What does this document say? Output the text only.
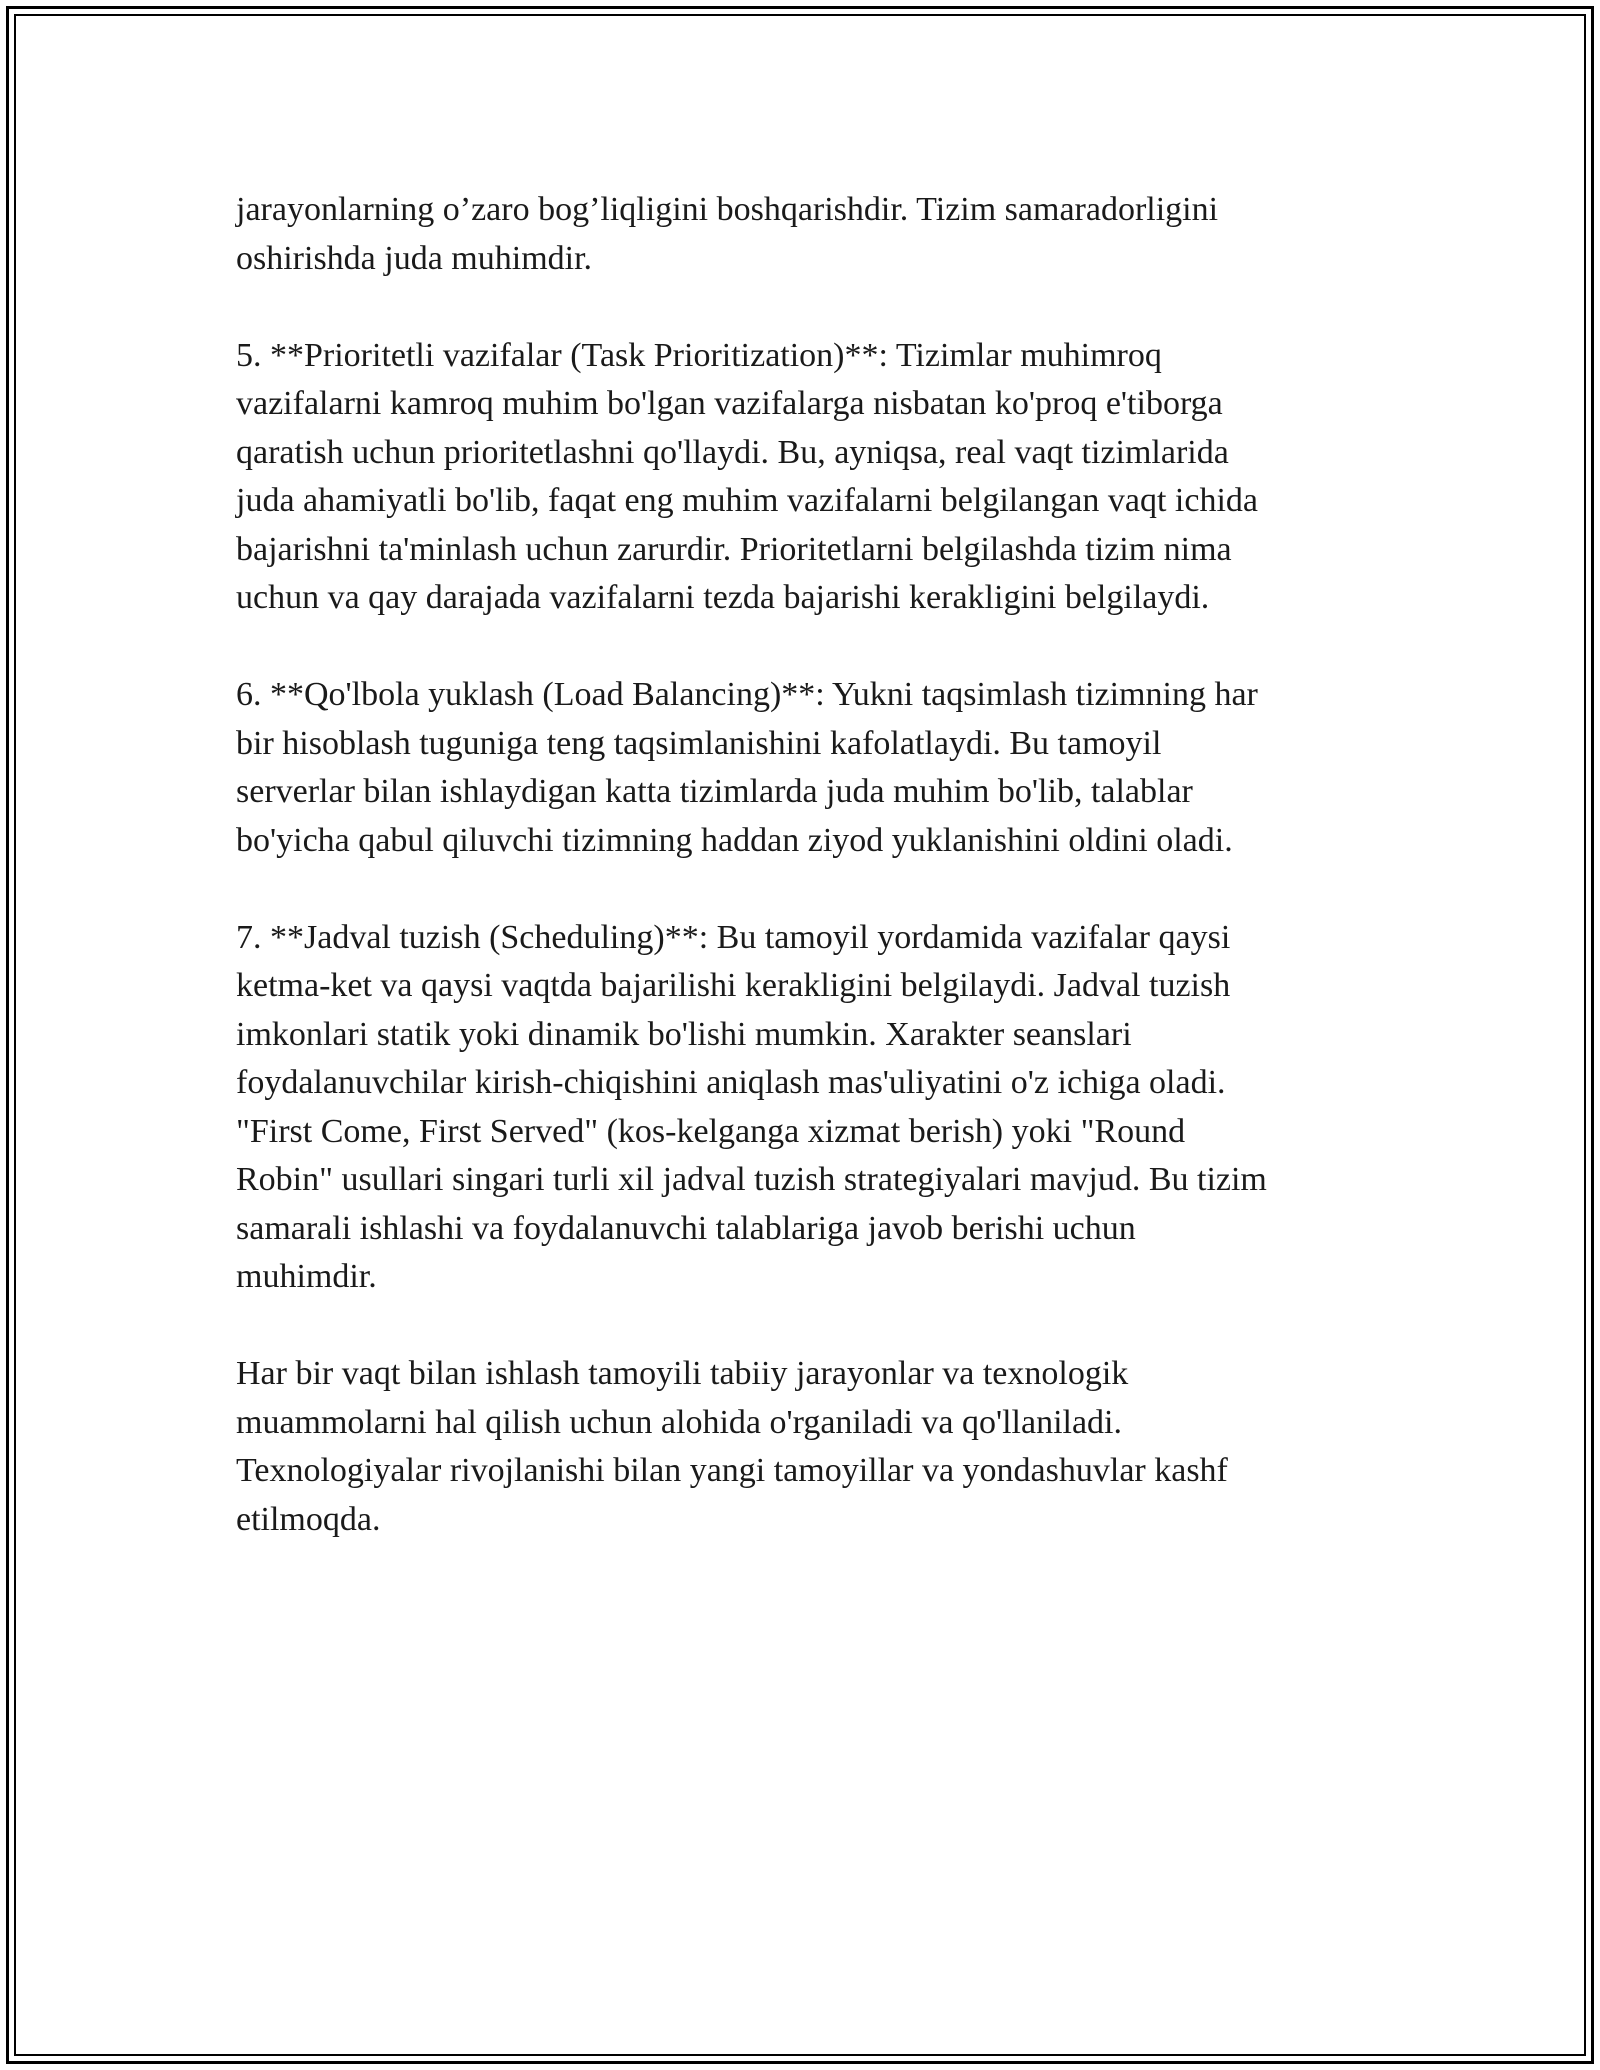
jarayonlarning o’zaro bog’liqligini boshqarishdir. Tizim samaradorligini
oshirishda juda muhimdir.

5. **Prioritetli vazifalar (Task Prioritization)**: Tizimlar muhimroq
vazifalarni kamroq muhim bo'lgan vazifalarga nisbatan ko'proq e'tiborga
qaratish uchun prioritetlashni qo'llaydi. Bu, ayniqsa, real vaqt tizimlarida
juda ahamiyatli bo'lib, faqat eng muhim vazifalarni belgilangan vaqt ichida
bajarishni ta'minlash uchun zarurdir. Prioritetlarni belgilashda tizim nima
uchun va qay darajada vazifalarni tezda bajarishi kerakligini belgilaydi.

6. **Qo'lbola yuklash (Load Balancing)**: Yukni taqsimlash tizimning har
bir hisoblash tuguniga teng taqsimlanishini kafolatlaydi. Bu tamoyil
serverlar bilan ishlaydigan katta tizimlarda juda muhim bo'lib, talablar
bo'yicha qabul qiluvchi tizimning haddan ziyod yuklanishini oldini oladi.

7. **Jadval tuzish (Scheduling)**: Bu tamoyil yordamida vazifalar qaysi
ketma-ket va qaysi vaqtda bajarilishi kerakligini belgilaydi. Jadval tuzish
imkonlari statik yoki dinamik bo'lishi mumkin. Xarakter seanslari
foydalanuvchilar kirish-chiqishini aniqlash mas'uliyatini o'z ichiga oladi.
"First Come, First Served" (kos-kelganga xizmat berish) yoki "Round
Robin" usullari singari turli xil jadval tuzish strategiyalari mavjud. Bu tizim
samarali ishlashi va foydalanuvchi talablariga javob berishi uchun
muhimdir.

Har bir vaqt bilan ishlash tamoyili tabiiy jarayonlar va texnologik
muammolarni hal qilish uchun alohida o'rganiladi va qo'llaniladi.
Texnologiyalar rivojlanishi bilan yangi tamoyillar va yondashuvlar kashf
etilmoqda.
